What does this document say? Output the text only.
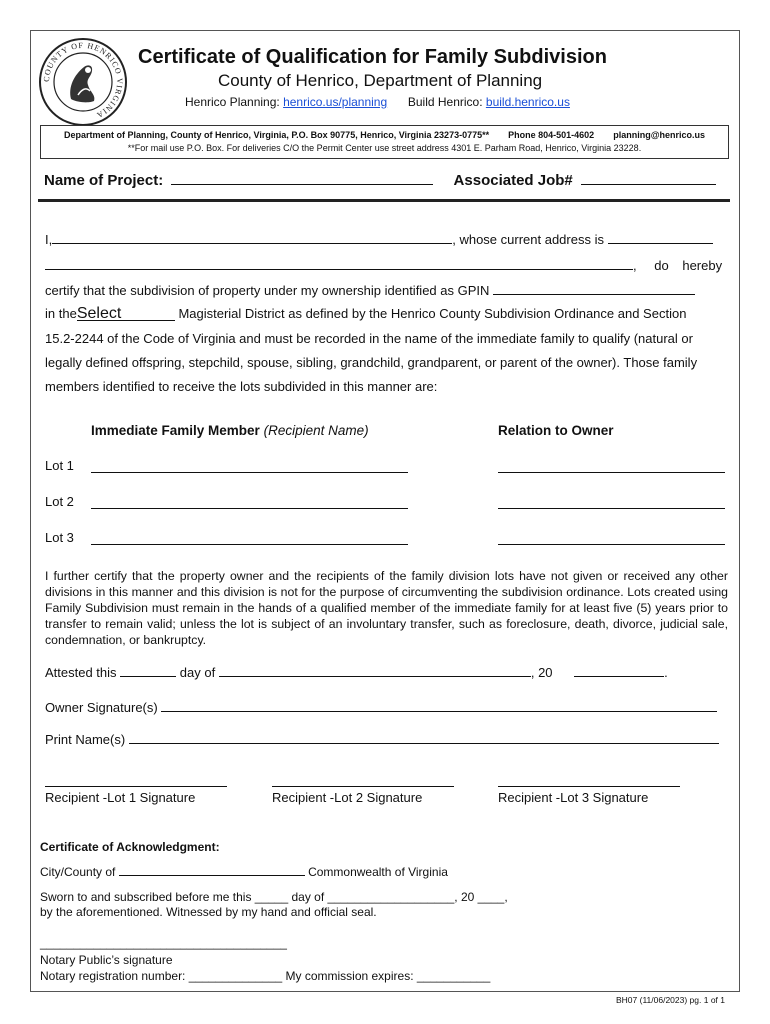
COUNTY OF HENRICO VIRGINIA
Certificate of Qualification for Family Subdivision
County of Henrico, Department of Planning
Henrico Planning: henrico.us/planning Build Henrico: build.henrico.us
Department of Planning, County of Henrico, Virginia, P.O. Box 90775, Henrico, Virginia 23273-0775** Phone 804-501-4602 planning@henrico.us
**For mail use P.O. Box. For deliveries C/O the Permit Center use street address 4301 E. Parham Road, Henrico, Virginia 23228.
Name of Project:	Associated Job#
I,	, whose current address is
, do hereby
certify that the subdivision of property under my ownership identified as GPIN
in theSelect	Magisterial District as defined by the Henrico County Subdivision Ordinance and Section
15.2-2244 of the Code of Virginia and must be recorded in the name of the immediate family to qualify (natural or
legally defined offspring, stepchild, spouse, sibling, grandchild, grandparent, or parent of the owner). Those family
members identified to receive the lots subdivided in this manner are:
Immediate Family Member (Recipient Name)	Relation to Owner
Lot 1
Lot 2
Lot 3
I further certify that the property owner and the recipients of the family division lots have not given or received any other divisions in this manner and this division is not for the purpose of circumventing the subdivision ordinance. Lots created using Family Subdivision must remain in the hands of a qualified member of the immediate family for at least five (5) years prior to transfer to remain valid; unless the lot is subject of an involuntary transfer, such as foreclosure, death, divorce, judicial sale, condemnation, or bankruptcy.
Attested this	day of	, 20	.
Owner Signature(s)
Print Name(s)
Recipient -Lot 1 Signature	Recipient -Lot 2 Signature	Recipient -Lot 3 Signature
Certificate of Acknowledgment:
City/County of	Commonwealth of Virginia
Sworn to and subscribed before me this _____ day of ___________________, 20 ____,
by the aforementioned. Witnessed by my hand and official seal.
_____________________________________
Notary Public’s signature
Notary registration number: ______________ My commission expires: ___________
BH07 (11/06/2023) pg. 1 of 1
